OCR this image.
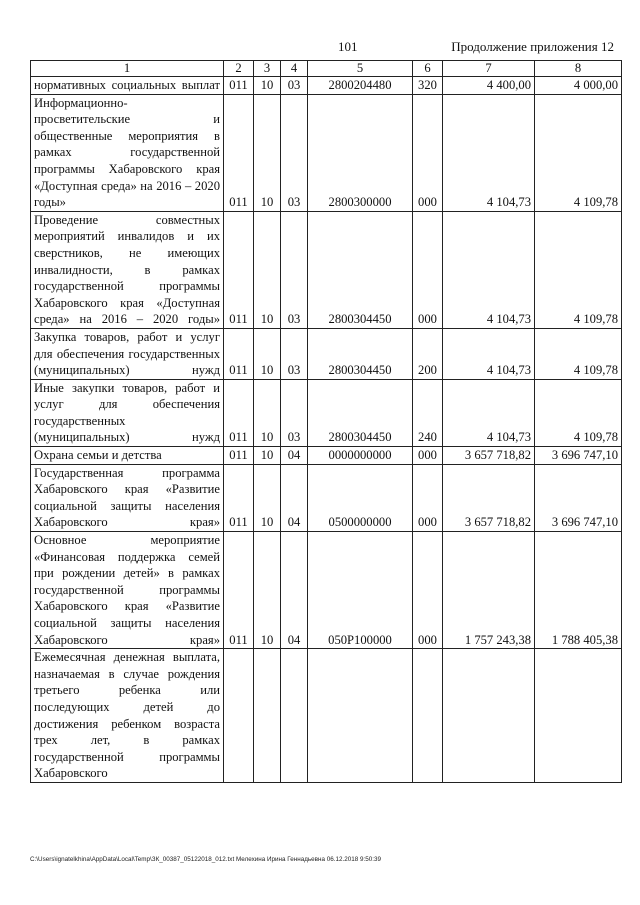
101	Продолжение приложения 12
1	2	3	4	5	6	7	8
нормативных социальных выплат	011	10	03	2800204480	320	4 400,00	4 000,00
Информационно-просветительские и общественные мероприятия в рамках государственной программы Хабаровского края «Доступная среда» на 2016 – 2020 годы»	011	10	03	2800300000	000	4 104,73	4 109,78
Проведение совместных мероприятий инвалидов и их сверстников, не имеющих инвалидности, в рамках государственной программы Хабаровского края «Доступная среда» на 2016 – 2020 годы»	011	10	03	2800304450	000	4 104,73	4 109,78
Закупка товаров, работ и услуг для обеспечения государственных (муниципальных) нужд	011	10	03	2800304450	200	4 104,73	4 109,78
Иные закупки товаров, работ и услуг для обеспечения государственных (муниципальных) нужд	011	10	03	2800304450	240	4 104,73	4 109,78
Охрана семьи и детства	011	10	04	0000000000	000	3 657 718,82	3 696 747,10
Государственная программа Хабаровского края «Развитие социальной защиты населения Хабаровского края»	011	10	04	0500000000	000	3 657 718,82	3 696 747,10
Основное мероприятие «Финансовая поддержка семей при рождении детей» в рамках государственной программы Хабаровского края «Развитие социальной защиты населения Хабаровского края»	011	10	04	050P100000	000	1 757 243,38	1 788 405,38
Ежемесячная денежная выплата, назначаемая в случае рождения третьего ребенка или последующих детей до достижения ребенком возраста трех лет, в рамках государственной программы Хабаровского							
C:\Users\ignatelkhina\AppData\Local\Temp\ЗК_00387_05122018_012.txt Мелехина Ирина Геннадьевна 06.12.2018 9:50:39
